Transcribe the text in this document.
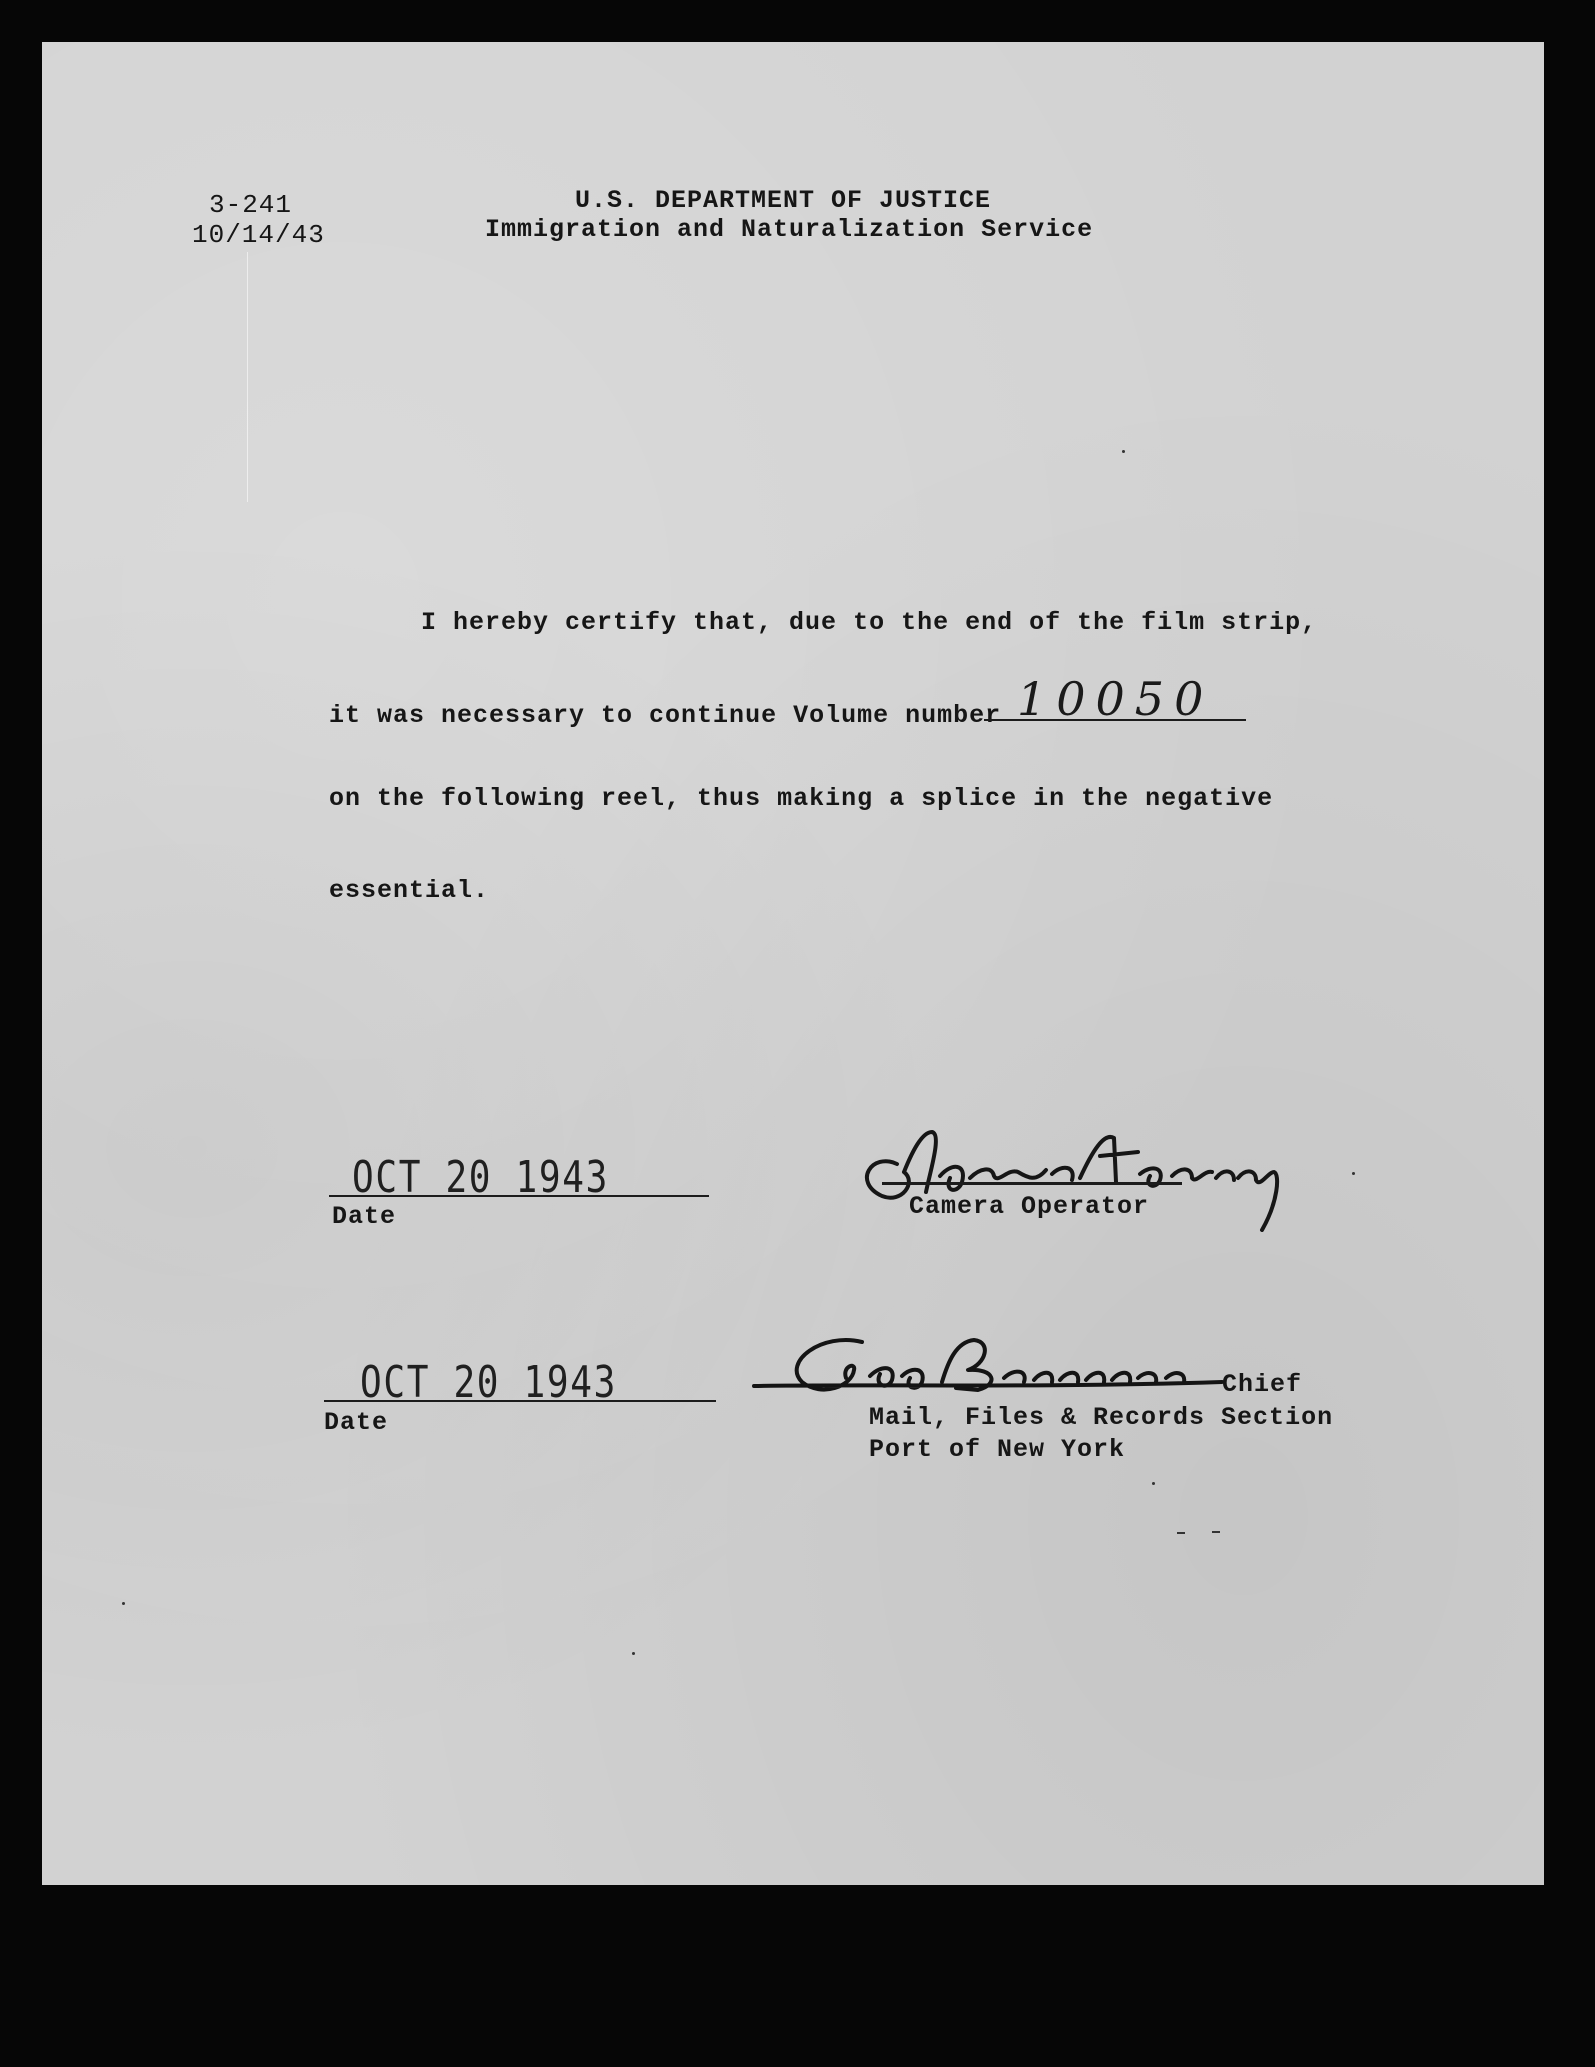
3-241
10/14/43
U.S. DEPARTMENT OF JUSTICE
Immigration and Naturalization Service
I hereby certify that, due to the end of the film strip,
it was necessary to continue Volume number 10050
on the following reel, thus making a splice in the negative
essential.
OCT 20 1943
Date	Camera Operator
OCT 20 1943
Date
Chief
Mail, Files & Records Section
Port of New York
